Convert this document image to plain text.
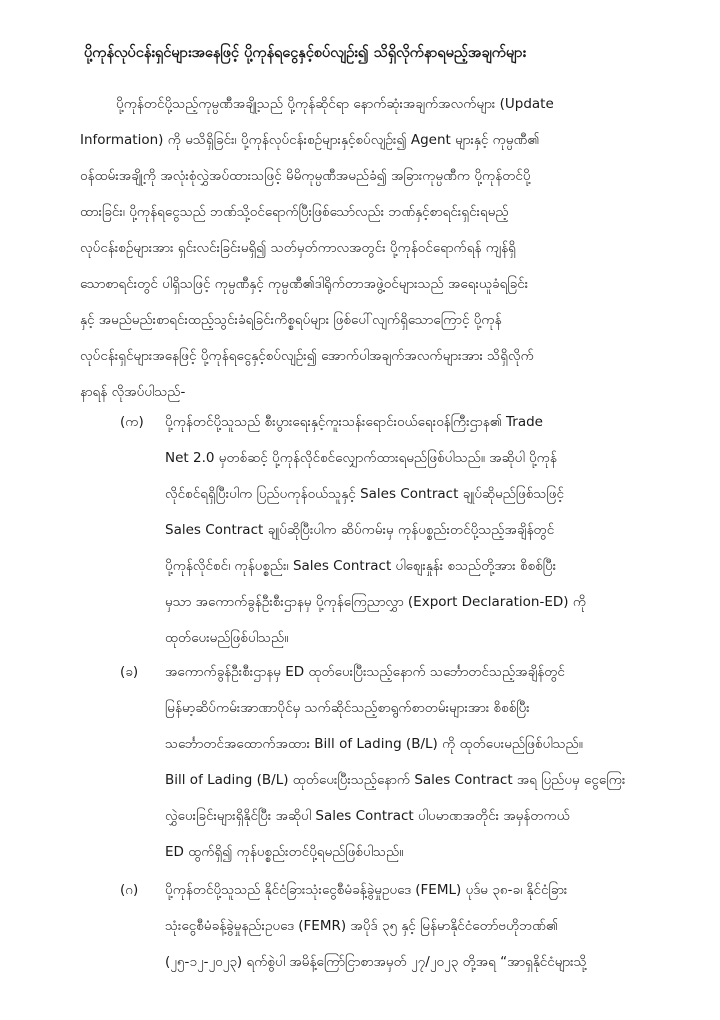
ပို့ကုန်လုပ်ငန်းရှင်များအနေဖြင့် ပို့ကုန်ရငွေနှင့်စပ်လျဉ်း၍ သိရှိလိုက်နာရမည့်အချက်များ
ပို့ကုန်တင်ပို့သည့်ကုမ္ပဏီအချို့သည် ပို့ကုန်ဆိုင်ရာ နောက်ဆုံးအချက်အလက်များ (Update
Information) ကို မသိရှိခြင်း၊ ပို့ကုန်လုပ်ငန်းစဉ်များနှင့်စပ်လျဉ်း၍ Agent များနှင့် ကုမ္ပဏီ၏
ဝန်ထမ်းအချို့ကို အလုံးစုံလွှဲအပ်ထားသဖြင့် မိမိကုမ္ပဏီအမည်ခံ၍ အခြားကုမ္ပဏီက ပို့ကုန်တင်ပို့
ထားခြင်း၊ ပို့ကုန်ရငွေသည် ဘဏ်သို့ဝင်ရောက်ပြီးဖြစ်သော်လည်း ဘဏ်နှင့်စာရင်းရှင်းရမည့်
လုပ်ငန်းစဉ်များအား ရှင်းလင်းခြင်းမရှိ၍ သတ်မှတ်ကာလအတွင်း ပို့ကုန်ဝင်ရောက်ရန် ကျန်ရှိ
သောစာရင်းတွင် ပါရှိသဖြင့် ကုမ္ပဏီနှင့် ကုမ္ပဏီ၏ဒါရိုက်တာအဖွဲ့ဝင်များသည် အရေးယူခံရခြင်း
နှင့် အမည်မည်းစာရင်းထည့်သွင်းခံရခြင်းကိစ္စရပ်များ ဖြစ်ပေါ်လျက်ရှိသောကြောင့် ပို့ကုန်
လုပ်ငန်းရှင်များအနေဖြင့် ပို့ကုန်ရငွေနှင့်စပ်လျဉ်း၍ အောက်ပါအချက်အလက်များအား သိရှိလိုက်
နာရန် လိုအပ်ပါသည်-
(က) ပို့ကုန်တင်ပို့သူသည် စီးပွားရေးနှင့်ကူးသန်းရောင်းဝယ်ရေးဝန်ကြီးဌာန၏ Trade
Net 2.0 မှတစ်ဆင့် ပို့ကုန်လိုင်စင်လျှောက်ထားရမည်ဖြစ်ပါသည်။ အဆိုပါ ပို့ကုန်
လိုင်စင်ရရှိပြီးပါက ပြည်ပကုန်ဝယ်သူနှင့် Sales Contract ချုပ်ဆိုမည်ဖြစ်သဖြင့်
Sales Contract ချုပ်ဆိုပြီးပါက ဆိပ်ကမ်းမှ ကုန်ပစ္စည်းတင်ပို့သည့်အချိန်တွင်
ပို့ကုန်လိုင်စင်၊ ကုန်ပစ္စည်း၊ Sales Contract ပါဈေးနှုန်း စသည်တို့အား စိစစ်ပြီး
မှသာ အကောက်ခွန်ဦးစီးဌာနမှ ပို့ကုန်ကြေညာလွှာ (Export Declaration-ED) ကို
ထုတ်ပေးမည်ဖြစ်ပါသည်။
(ခ) အကောက်ခွန်ဦးစီးဌာနမှ ED ထုတ်ပေးပြီးသည့်နောက် သင်္ဘောတင်သည့်အချိန်တွင်
မြန်မာ့ဆိပ်ကမ်းအာဏာပိုင်မှ သက်ဆိုင်သည့်စာရွက်စာတမ်းများအား စိစစ်ပြီး
သင်္ဘောတင်အထောက်အထား Bill of Lading (B/L) ကို ထုတ်ပေးမည်ဖြစ်ပါသည်။
Bill of Lading (B/L) ထုတ်ပေးပြီးသည့်နောက် Sales Contract အရ ပြည်ပမှ ငွေကြေး
လွှဲပေးခြင်းများရှိနိုင်ပြီး အဆိုပါ Sales Contract ပါပမာဏအတိုင်း အမှန်တကယ်
ED ထွက်ရှိ၍ ကုန်ပစ္စည်းတင်ပို့ရမည်ဖြစ်ပါသည်။
(ဂ) ပို့ကုန်တင်ပို့သူသည် နိုင်ငံခြားသုံးငွေစီမံခန့်ခွဲမှုဥပဒေ (FEML) ပုဒ်မ ၃၈-ခ၊ နိုင်ငံခြား
သုံးငွေစီမံခန့်ခွဲမှုနည်းဥပဒေ (FEMR) အပိုဒ် ၃၅ နှင့် မြန်မာနိုင်ငံတော်ဗဟိုဘဏ်၏
(၂၅-၁၂-၂၀၂၃) ရက်စွဲပါ အမိန့်ကြော်ငြာစာအမှတ် ၂၇/၂၀၂၃ တို့အရ “အာရှနိုင်ငံများသို့
